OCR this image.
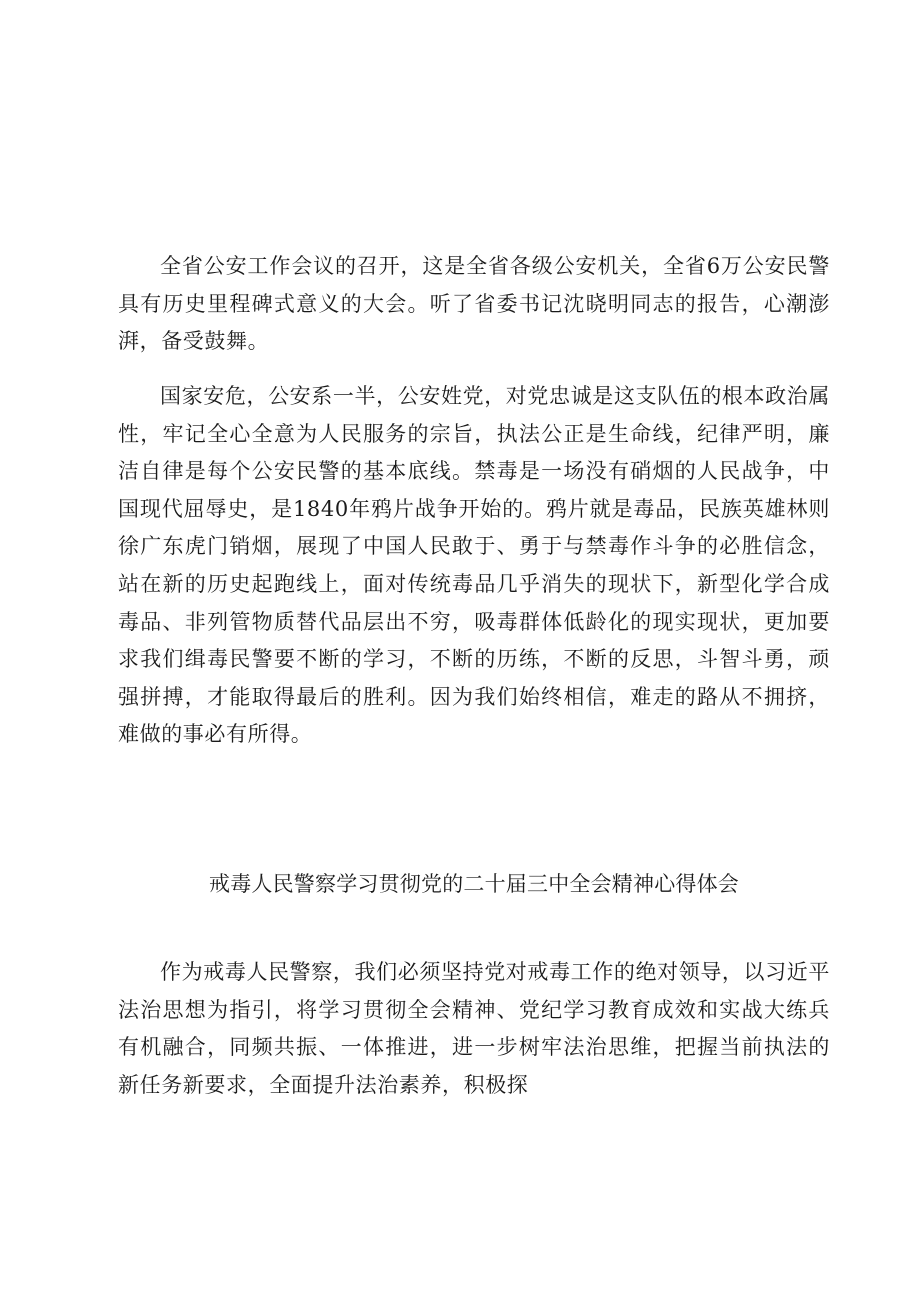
全省公安工作会议的召开，这是全省各级公安机关，全省6万公安民警具有历史里程碑式意义的大会。听了省委书记沈晓明同志的报告，心潮澎湃，备受鼓舞。

国家安危，公安系一半，公安姓党，对党忠诚是这支队伍的根本政治属性，牢记全心全意为人民服务的宗旨，执法公正是生命线，纪律严明，廉洁自律是每个公安民警的基本底线。禁毒是一场没有硝烟的人民战争，中国现代屈辱史，是1840年鸦片战争开始的。鸦片就是毒品，民族英雄林则徐广东虎门销烟，展现了中国人民敢于、勇于与禁毒作斗争的必胜信念，站在新的历史起跑线上，面对传统毒品几乎消失的现状下，新型化学合成毒品、非列管物质替代品层出不穷，吸毒群体低龄化的现实现状，更加要求我们缉毒民警要不断的学习，不断的历练，不断的反思，斗智斗勇，顽强拼搏，才能取得最后的胜利。因为我们始终相信，难走的路从不拥挤，难做的事必有所得。

戒毒人民警察学习贯彻党的二十届三中全会精神心得体会

作为戒毒人民警察，我们必须坚持党对戒毒工作的绝对领导，以习近平法治思想为指引，将学习贯彻全会精神、党纪学习教育成效和实战大练兵有机融合，同频共振、一体推进，进一步树牢法治思维，把握当前执法的新任务新要求，全面提升法治素养，积极探
